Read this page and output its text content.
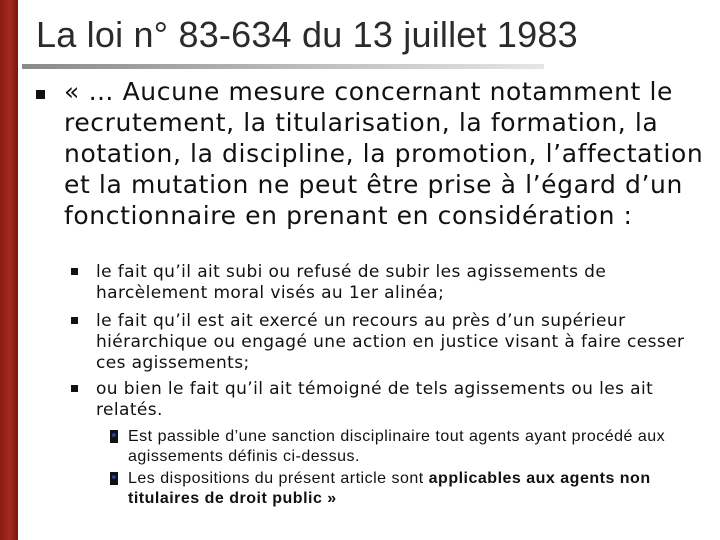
La loi n° 83-634 du 13 juillet 1983

« … Aucune mesure concernant notamment le recrutement, la titularisation, la formation, la notation, la discipline, la promotion, l’affectation et la mutation ne peut être prise à l’égard d’un fonctionnaire en prenant en considération :

le fait qu’il ait subi ou refusé de subir les agissements de harcèlement moral visés au 1er alinéa;

le fait qu’il est ait exercé un recours au près d’un supérieur hiérarchique ou engagé une action en justice visant à faire cesser ces agissements;

ou bien le fait qu’il ait témoigné de tels agissements ou les ait relatés.

• Est passible d’une sanction disciplinaire tout agents ayant procédé aux agissements définis ci-dessus.

• Les dispositions du présent article sont applicables aux agents non titulaires de droit public »
